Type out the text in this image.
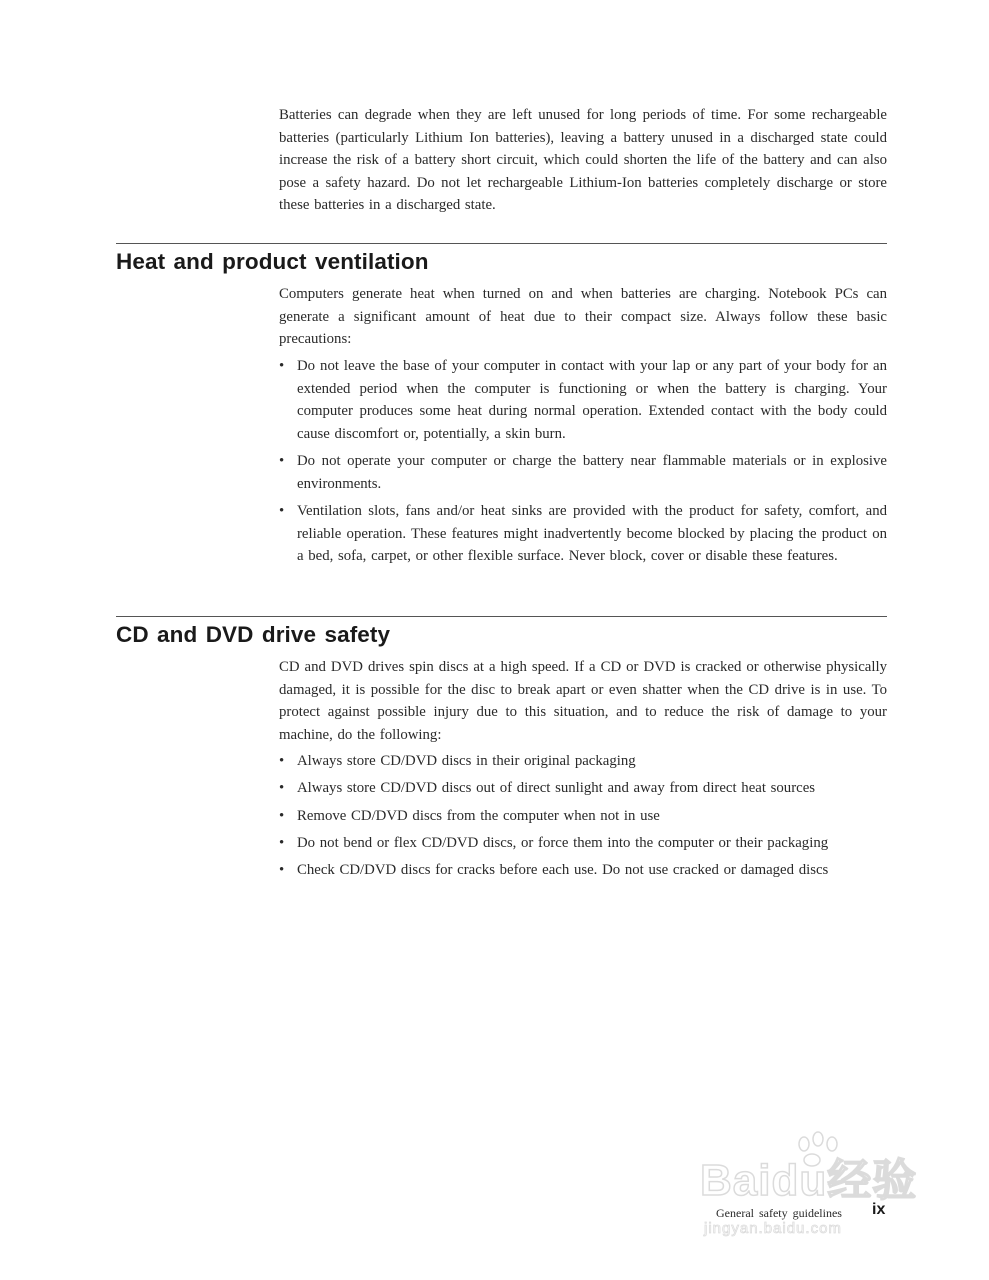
Batteries can degrade when they are left unused for long periods of time. For some rechargeable batteries (particularly Lithium Ion batteries), leaving a battery unused in a discharged state could increase the risk of a battery short circuit, which could shorten the life of the battery and can also pose a safety hazard. Do not let rechargeable Lithium-Ion batteries completely discharge or store these batteries in a discharged state.

Heat and product ventilation

Computers generate heat when turned on and when batteries are charging. Notebook PCs can generate a significant amount of heat due to their compact size. Always follow these basic precautions:

• Do not leave the base of your computer in contact with your lap or any part of your body for an extended period when the computer is functioning or when the battery is charging. Your computer produces some heat during normal operation. Extended contact with the body could cause discomfort or, potentially, a skin burn.
• Do not operate your computer or charge the battery near flammable materials or in explosive environments.
• Ventilation slots, fans and/or heat sinks are provided with the product for safety, comfort, and reliable operation. These features might inadvertently become blocked by placing the product on a bed, sofa, carpet, or other flexible surface. Never block, cover or disable these features.
CD and DVD drive safety

CD and DVD drives spin discs at a high speed. If a CD or DVD is cracked or otherwise physically damaged, it is possible for the disc to break apart or even shatter when the CD drive is in use. To protect against possible injury due to this situation, and to reduce the risk of damage to your machine, do the following:

• Always store CD/DVD discs in their original packaging
• Always store CD/DVD discs out of direct sunlight and away from direct heat sources
• Remove CD/DVD discs from the computer when not in use
• Do not bend or flex CD/DVD discs, or force them into the computer or their packaging
• Check CD/DVD discs for cracks before each use. Do not use cracked or damaged discs
Baidu经验
jingyan.baidu.com
General safety guidelines ix
